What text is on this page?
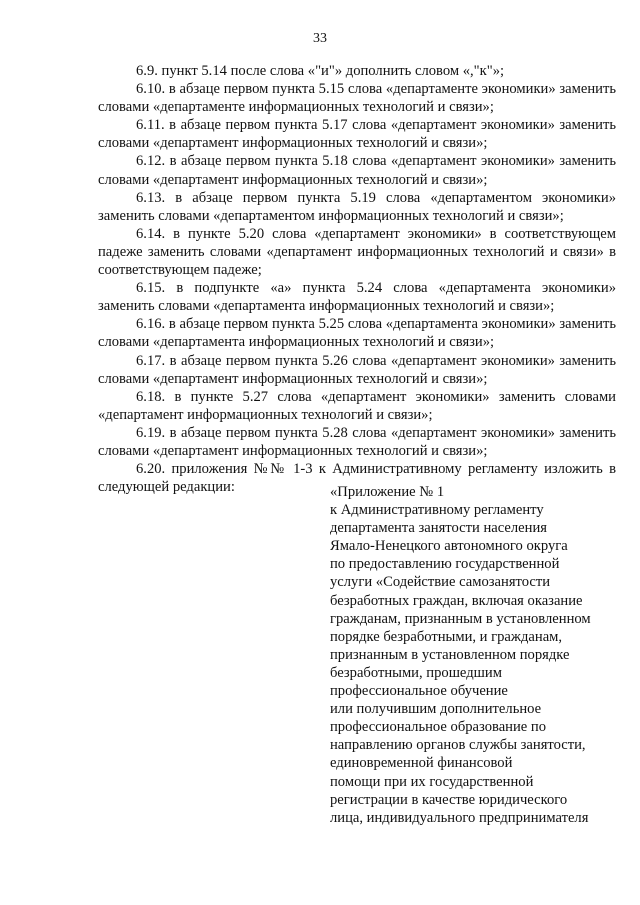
33

6.9. пункт 5.14 после слова «"и"» дополнить словом «,"к"»;

6.10. в абзаце первом пункта 5.15 слова «департаменте экономики» заменить словами «департаменте информационных технологий и связи»;

6.11. в абзаце первом пункта 5.17 слова «департамент экономики» заменить словами «департамент информационных технологий и связи»;

6.12. в абзаце первом пункта 5.18 слова «департамент экономики» заменить словами «департамент информационных технологий и связи»;

6.13. в абзаце первом пункта 5.19 слова «департаментом экономики» заменить словами «департаментом информационных технологий и связи»;

6.14. в пункте 5.20 слова «департамент экономики» в соответствующем падеже заменить словами «департамент информационных технологий и связи» в соответствующем падеже;

6.15. в подпункте «а» пункта 5.24 слова «департамента экономики» заменить словами «департамента информационных технологий и связи»;

6.16. в абзаце первом пункта 5.25 слова «департамента экономики» заменить словами «департамента информационных технологий и связи»;

6.17. в абзаце первом пункта 5.26 слова «департамент экономики» заменить словами «департамент информационных технологий и связи»;

6.18. в пункте 5.27 слова «департамент экономики» заменить словами «департамент информационных технологий и связи»;

6.19. в абзаце первом пункта 5.28 слова «департамент экономики» заменить словами «департамент информационных технологий и связи»;

6.20. приложения №№ 1-3 к Административному регламенту изложить в следующей редакции:	«Приложение № 1
к Административному регламенту
департамента занятости населения
Ямало-Ненецкого автономного округа
по предоставлению государственной
услуги «Содействие самозанятости
безработных граждан, включая оказание
гражданам, признанным в установленном
порядке безработными, и гражданам,
признанным в установленном порядке
безработными, прошедшим
профессиональное обучение
или получившим дополнительное
профессиональное образование по
направлению органов службы занятости,
единовременной финансовой
помощи при их государственной
регистрации в качестве юридического
лица, индивидуального предпринимателя
